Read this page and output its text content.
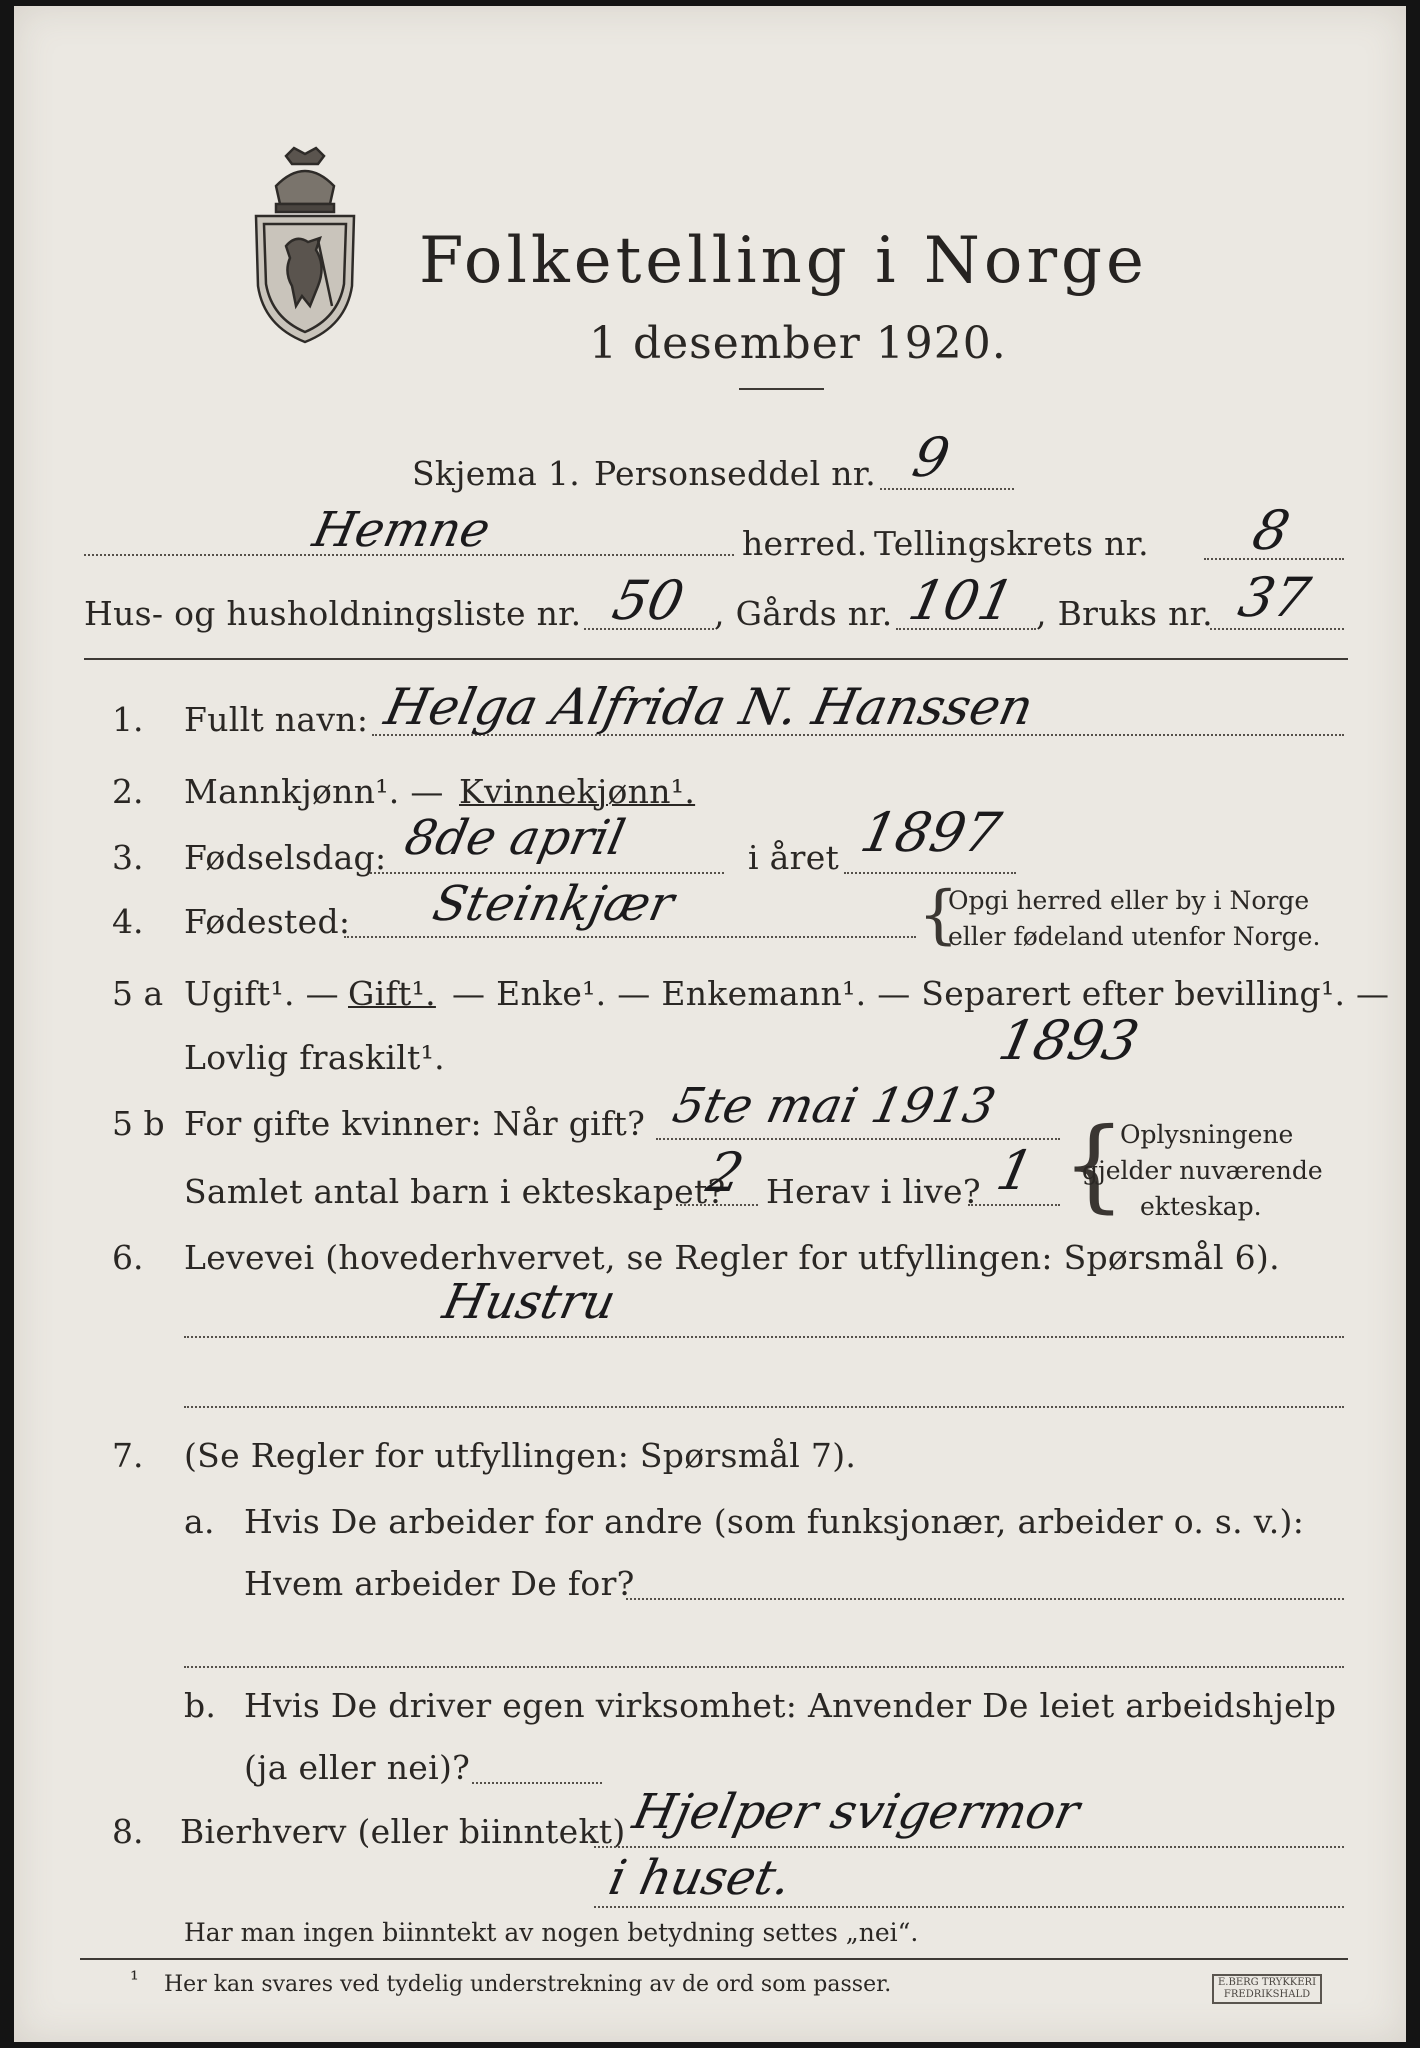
Folketelling i Norge
1 desember 1920.
Skjema 1. Personseddel nr. 9
Hemne	herred. Tellingskrets nr. 8
Hus- og husholdningsliste nr. 50 , Gårds nr. 101 , Bruks nr. 37
1. Fullt navn: Helga Alfrida N. Hanssen
2. Mannkjønn¹. — Kvinnekjønn¹.
3. Fødselsdag: 8de april	i året 1897
4. Fødested: Steinkjær	{
Opgi herred eller by i Norge
eller fødeland utenfor Norge.
5 a Ugift¹. — Gift¹. — Enke¹. — Enkemann¹. — Separert efter bevilling¹. —
Lovlig fraskilt¹.	1893
5 b For gifte kvinner: Når gift? 5te mai 1913
Samlet antal barn i ekteskapet?
2 Herav i live? 1 {
Oplysningene
gjelder nuværende
ekteskap.
6. Levevei (hovederhvervet, se Regler for utfyllingen: Spørsmål 6).
Hustru
7. (Se Regler for utfyllingen: Spørsmål 7).
a. Hvis De arbeider for andre (som funksjonær, arbeider o. s. v.):
Hvem arbeider De for?
b. Hvis De driver egen virksomhet: Anvender De leiet arbeidshjelp
(ja eller nei)?
8. Bierhverv (eller biinntekt) Hjelper svigermor
i huset.
Har man ingen biinntekt av nogen betydning settes „nei“.
¹ Her kan svares ved tydelig understrekning av de ord som passer.	E.BERG TRYKKERI
FREDRIKSHALD
